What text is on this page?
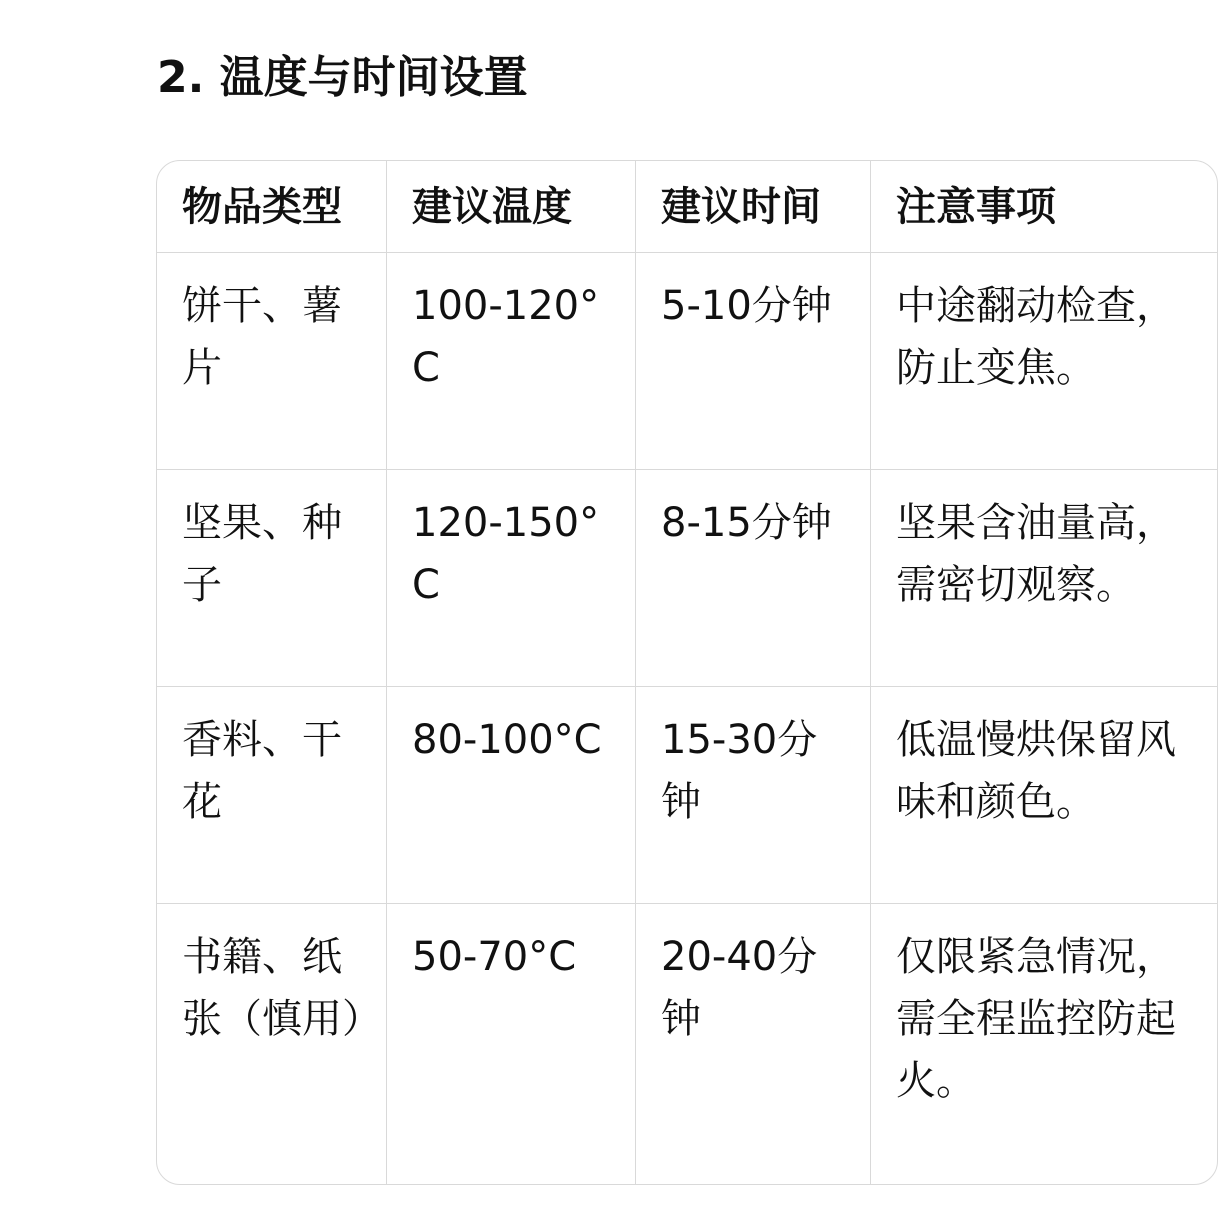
2. 温度与时间设置
物品类型	建议温度	建议时间	注意事项
饼干、薯片	100-120°C	5-10分钟	中途翻动检查，防止变焦。
坚果、种子	120-150°C	8-15分钟	坚果含油量高，需密切观察。
香料、干花	80-100°C	15-30分钟	低温慢烘保留风味和颜色。
书籍、纸张（慎用）	50-70°C	20-40分钟	仅限紧急情况，需全程监控防起火。
